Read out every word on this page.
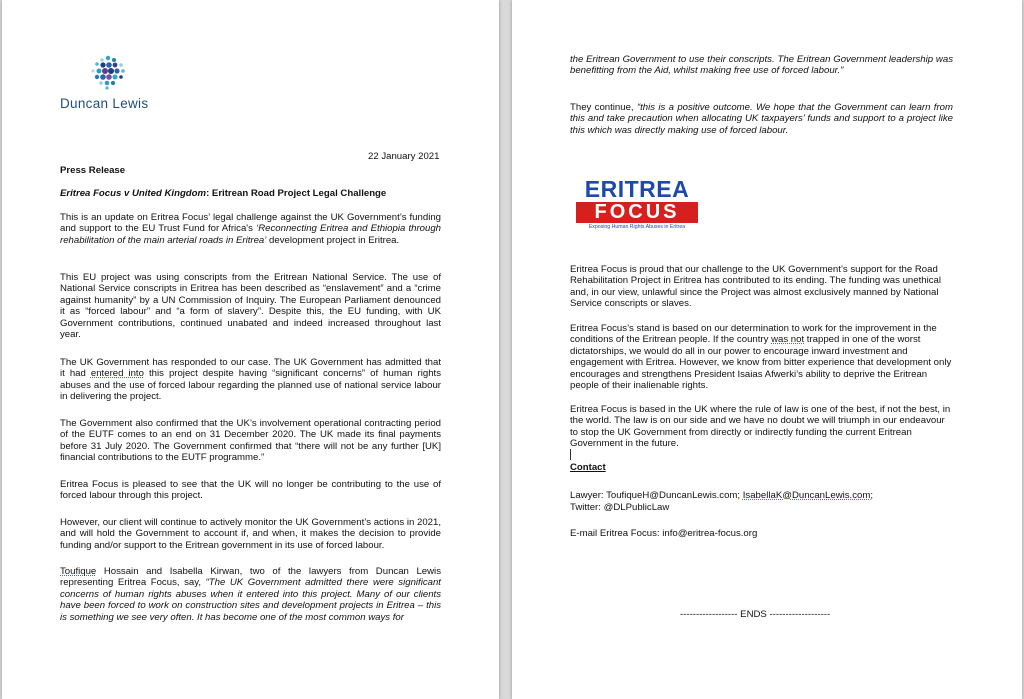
Duncan Lewis
22 January 2021
Press Release
Eritrea Focus v United Kingdom: Eritrean Road Project Legal Challenge

This is an update on Eritrea Focus’ legal challenge against the UK Government’s funding and support to the EU Trust Fund for Africa's ‘Reconnecting Eritrea and Ethiopia through rehabilitation of the main arterial roads in Eritrea’ development project in Eritrea.

This EU project was using conscripts from the Eritrean National Service. The use of National Service conscripts in Eritrea has been described as “enslavement” and a “crime against humanity” by a UN Commission of Inquiry. The European Parliament denounced it as “forced labour” and “a form of slavery”. Despite this, the EU funding, with UK Government contributions, continued unabated and indeed increased throughout last year.

The UK Government has responded to our case. The UK Government has admitted that it had entered into this project despite having “significant concerns” of human rights abuses and the use of forced labour regarding the planned use of national service labour in delivering the project.

The Government also confirmed that the UK’s involvement operational contracting period of the EUTF comes to an end on 31 December 2020. The UK made its final payments before 31 July 2020. The Government confirmed that “there will not be any further [UK] financial contributions to the EUTF programme.”

Eritrea Focus is pleased to see that the UK will no longer be contributing to the use of forced labour through this project.

However, our client will continue to actively monitor the UK Government’s actions in 2021, and will hold the Government to account if, and when, it makes the decision to provide funding and/or support to the Eritrean government in its use of forced labour.

Toufique Hossain and Isabella Kirwan, two of the lawyers from Duncan Lewis representing Eritrea Focus, say, “The UK Government admitted there were significant concerns of human rights abuses when it entered into this project. Many of our clients have been forced to work on construction sites and development projects in Eritrea – this is something we see very often. It has become one of the most common ways for

the Eritrean Government to use their conscripts. The Eritrean Government leadership was benefitting from the Aid, whilst making free use of forced labour.”

They continue, “this is a positive outcome. We hope that the Government can learn from this and take precaution when allocating UK taxpayers’ funds and support to a project like this which was directly making use of forced labour.

ERITREA
FOCUS
Exposing Human Rights Abuses in Eritrea

Eritrea Focus is proud that our challenge to the UK Government’s support for the Road Rehabilitation Project in Eritrea has contributed to its ending. The funding was unethical and, in our view, unlawful since the Project was almost exclusively manned by National Service conscripts or slaves.

Eritrea Focus’s stand is based on our determination to work for the improvement in the conditions of the Eritrean people. If the country was not trapped in one of the worst dictatorships, we would do all in our power to encourage inward investment and engagement with Eritrea. However, we know from bitter experience that development only encourages and strengthens President Isaias Afwerki’s ability to deprive the Eritrean people of their inalienable rights.

Eritrea Focus is based in the UK where the rule of law is one of the best, if not the best, in the world. The law is on our side and we have no doubt we will triumph in our endeavour to stop the UK Government from directly or indirectly funding the current Eritrean Government in the future.

Contact
Lawyer: ToufiqueH@DuncanLewis.com; IsabellaK@DuncanLewis.com;
Twitter: @DLPublicLaw
E-mail Eritrea Focus: info@eritrea-focus.org
------------------ ENDS -------------------
